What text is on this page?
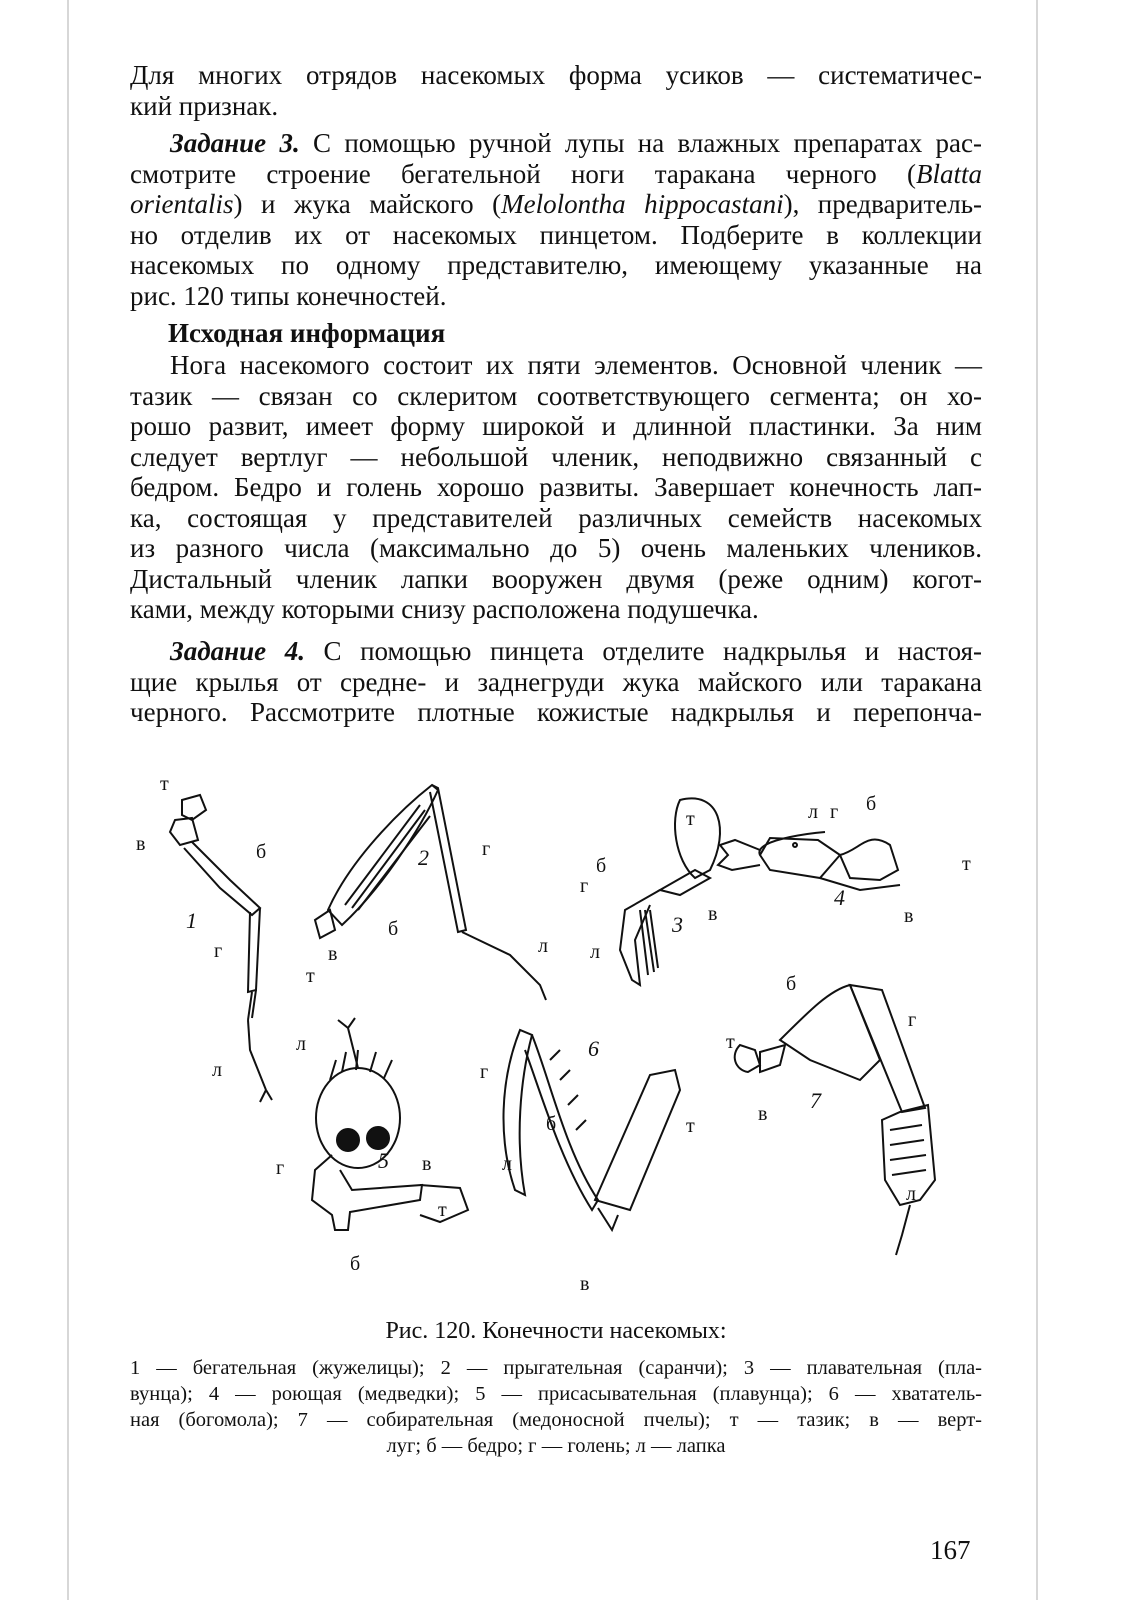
Для многих отрядов насекомых форма усиков — систематичес-
кий признак.
Задание 3. С помощью ручной лупы на влажных препаратах рас-
смотрите строение бегательной ноги таракана черного (Blatta
orientalis) и жука майского (Melolontha hippocastani), предваритель-
но отделив их от насекомых пинцетом. Подберите в коллекции
насекомых по одному представителю, имеющему указанные на
рис. 120 типы конечностей.
Исходная информация
Нога насекомого состоит их пяти элементов. Основной членик —
тазик — связан со склеритом соответствующего сегмента; он хо-
рошо развит, имеет форму широкой и длинной пластинки. За ним
следует вертлуг — небольшой членик, неподвижно связанный с
бедром. Бедро и голень хорошо развиты. Завершает конечность лап-
ка, состоящая у представителей различных семейств насекомых
из разного числа (максимально до 5) очень маленьких члеников.
Дистальный членик лапки вооружен двумя (реже одним) когот-
ками, между которыми снизу расположена подушечка.
Задание 4. С помощью пинцета отделите надкрылья и настоя-
щие крылья от средне- и заднегруди жука майского или таракана
черного. Рассмотрите плотные кожистые надкрылья и перепонча-
т
в	б
г
л
г
б
в
т
л
т
б
г
в
л
л г б
т
в
л
г	в
т
б
г
б
л
т
в
т
в
б
г
л
1
2
3
4
5
6
7
Рис. 120. Конечности насекомых:
1 — бегательная (жужелицы); 2 — прыгательная (саранчи); 3 — плавательная (пла-
вунца); 4 — роющая (медведки); 5 — присасывательная (плавунца); 6 — хвататель-
ная (богомола); 7 — собирательная (медоносной пчелы); т — тазик; в — верт-
луг; б — бедро; г — голень; л — лапка
167
